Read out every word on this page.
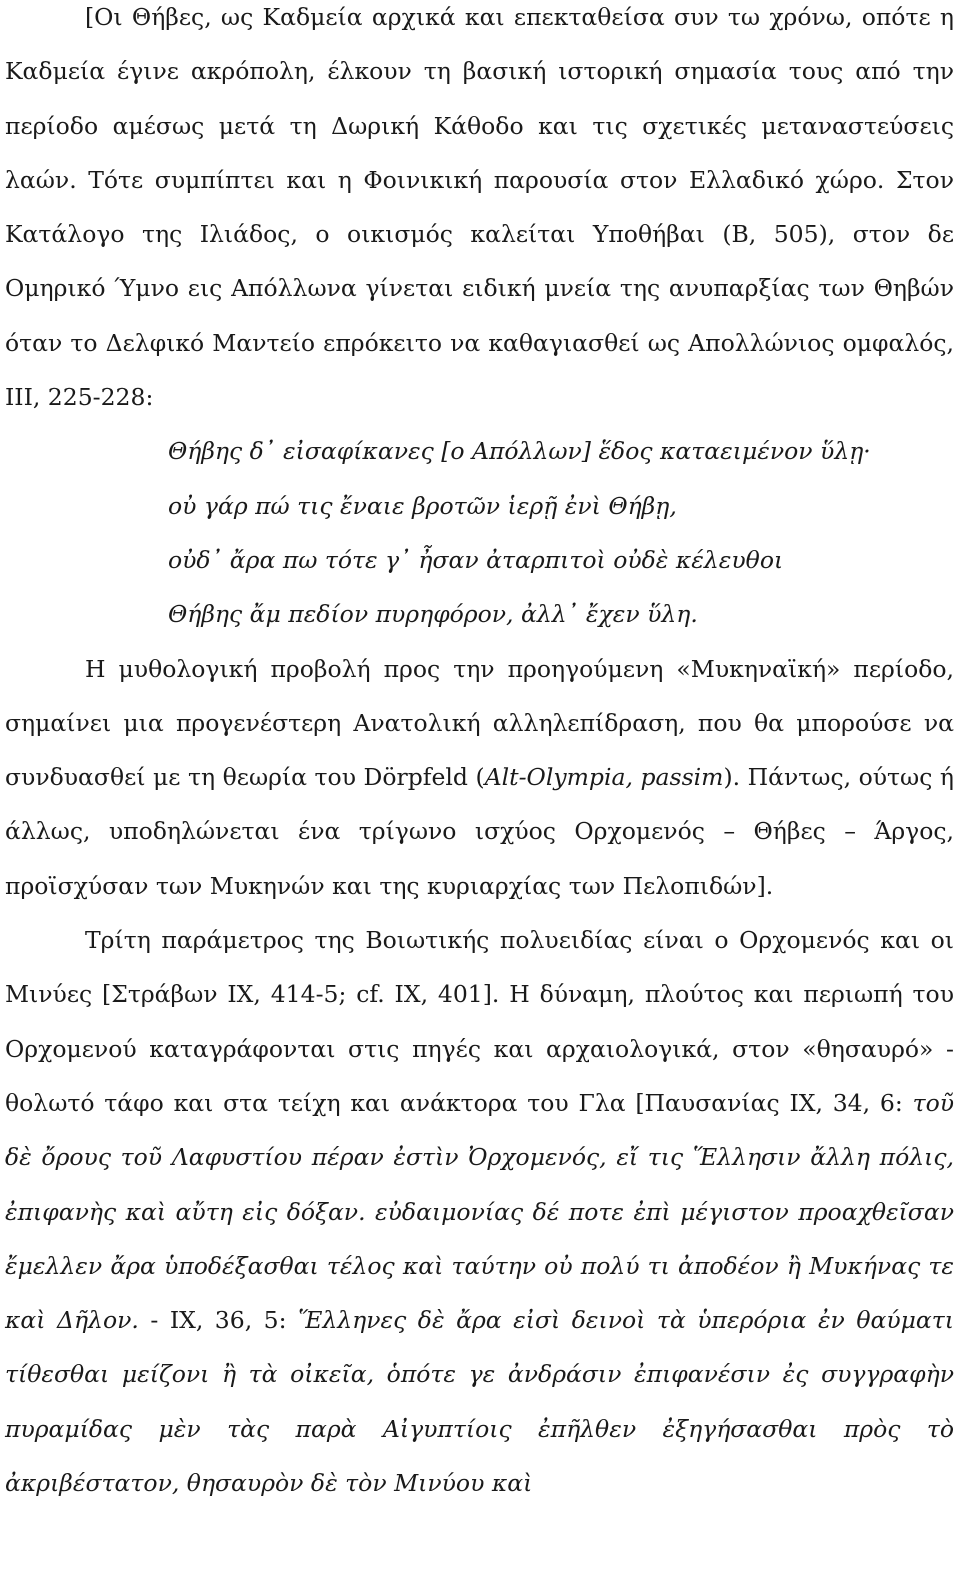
[Οι Θήβες, ως Καδμεία αρχικά και επεκταθείσα συν τω χρόνω, οπότε η Καδμεία έγινε ακρόπολη, έλκουν τη βασική ιστορική σημασία τους από την περίοδο αμέσως μετά τη Δωρική Κάθοδο και τις σχετικές μεταναστεύσεις λαών. Τότε συμπίπτει και η Φοινικική παρουσία στον Ελλαδικό χώρο. Στον Κατάλογο της Ιλιάδος, ο οικισμός καλείται Υποθήβαι (Β, 505), στον δε Ομηρικό Ύμνο εις Απόλλωνα γίνεται ειδική μνεία της ανυπαρξίας των Θηβών όταν το Δελφικό Μαντείο επρόκειτο να καθαγιασθεί ως Απολλώνιος ομφαλός, ΙΙΙ, 225-228:

Θήβης δ᾽ εἰσαφίκανες [ο Απόλλων] ἕδος καταειμένον ὕλῃ·
οὐ γάρ πώ τις ἔναιε βροτῶν ἱερῇ ἐνὶ Θήβῃ,
οὐδ᾽ ἄρα πω τότε γ᾽ ἦσαν ἀταρπιτοὶ οὐδὲ κέλευθοι
Θήβης ἄμ πεδίον πυρηφόρον, ἀλλ᾽ ἔχεν ὕλη.

Η μυθολογική προβολή προς την προηγούμενη «Μυκηναϊκή» περίοδο, σημαίνει μια προγενέστερη Ανατολική αλληλεπίδραση, που θα μπορούσε να συνδυασθεί με τη θεωρία του Dörpfeld (Alt-Olympia, passim). Πάντως, ούτως ή άλλως, υποδηλώνεται ένα τρίγωνο ισχύος Ορχομενός – Θήβες – Άργος, προϊσχύσαν των Μυκηνών και της κυριαρχίας των Πελοπιδών].

Τρίτη παράμετρος της Βοιωτικής πολυειδίας είναι ο Ορχομενός και οι Μινύες [Στράβων IX, 414-5; cf. IX, 401]. Η δύναμη, πλούτος και περιωπή του Ορχομενού καταγράφονται στις πηγές και αρχαιολογικά, στον «θησαυρό» - θολωτό τάφο και στα τείχη και ανάκτορα του Γλα [Παυσανίας IX, 34, 6: τοῦ δὲ ὄρους τοῦ Λαφυστίου πέραν ἐστὶν Ὀρχομενός, εἴ τις Ἕλλησιν ἄλλη πόλις, ἐπιφανὴς καὶ αὔτη εἰς δόξαν. εὐδαιμονίας δέ ποτε ἐπὶ μέγιστον προαχθεῖσαν ἔμελλεν ἄρα ὑποδέξασθαι τέλος καὶ ταύτην οὐ πολύ τι ἀποδέον ἢ Μυκήνας τε καὶ Δῆλον. - IX, 36, 5: Ἕλληνες δὲ ἄρα εἰσὶ δεινοὶ τὰ ὑπερόρια ἐν θαύματι τίθεσθαι μείζονι ἢ τὰ οἰκεῖα, ὁπότε γε ἀνδράσιν ἐπιφανέσιν ἐς συγγραφὴν πυραμίδας μὲν τὰς παρὰ Αἰγυπτίοις ἐπῆλθεν ἐξηγήσασθαι πρὸς τὸ ἀκριβέστατον, θησαυρὸν δὲ τὸν Μινύου καὶ
